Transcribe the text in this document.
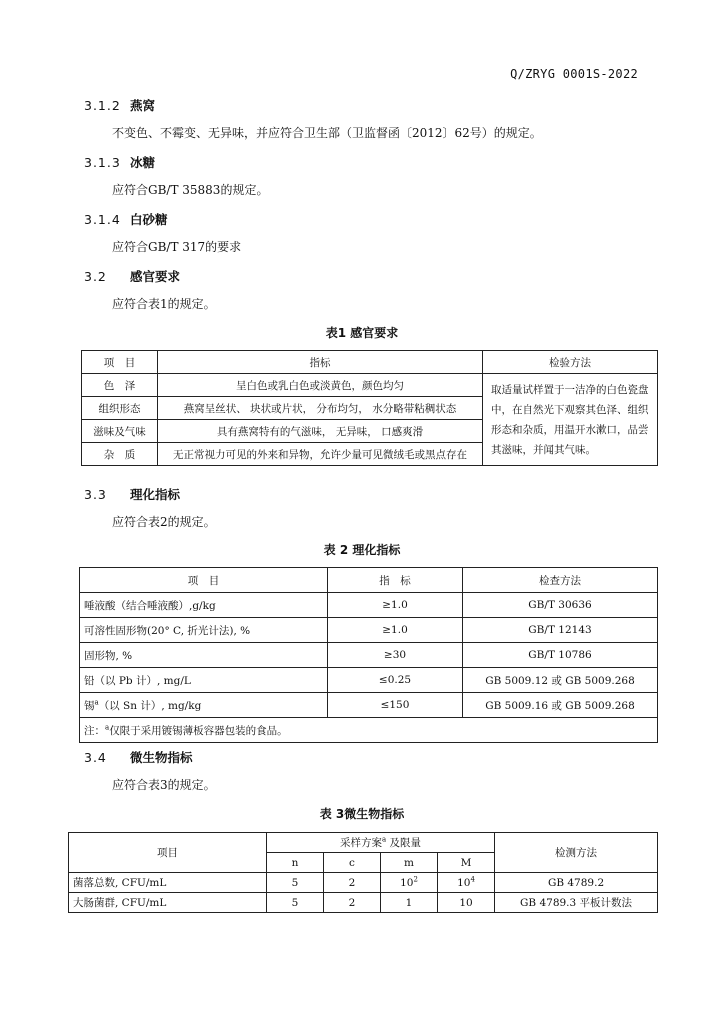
Q/ZRYG 0001S-2022
3.1.2 燕窝
不变色、不霉变、无异味，并应符合卫生部（卫监督函〔2012〕62号）的规定。
3.1.3 冰糖
应符合GB/T 35883的规定。
3.1.4 白砂糖
应符合GB/T 317的要求
3.2 感官要求
应符合表1的规定。
表1 感官要求
项　目	指标	检验方法
色　泽	呈白色或乳白色或淡黄色，颜色均匀	取适量试样置于一洁净的白色瓷盘中，在自然光下观察其色泽、组织形态和杂质，用温开水漱口，品尝其滋味，并闻其气味。
组织形态	燕窝呈丝状、 块状或片状， 分布均匀， 水分略带粘稠状态	
滋味及气味	具有燕窝特有的气滋味， 无异味， 口感爽滑	
杂　质	无正常视力可见的外来和异物，允许少量可见微绒毛或黑点存在	
3.3 理化指标
应符合表2的规定。
表 2 理化指标
项　目	指　标	检查方法
唾液酸（结合唾液酸）,g/kg	≥1.0	GB/T 30636
可溶性固形物(20° C, 折光计法), %	≥1.0	GB/T 12143
固形物, %	≥30	GB/T 10786
铅（以 Pb 计）, mg/L	≤0.25	GB 5009.12 或 GB 5009.268
锡$^a$（以 Sn 计）, mg/kg	≤150	GB 5009.16 或 GB 5009.268
注：$^a$仅限于采用镀锡薄板容器包装的食品。		
3.4 微生物指标
应符合表3的规定。
表 3微生物指标
项目	采样方案$^a$ 及限量				检测方法
	n	c	m	M	
菌落总数, CFU/mL	5	2	$10^2$	$10^4$	GB 4789.2
大肠菌群, CFU/mL	5	2	1	10	GB 4789.3 平板计数法
